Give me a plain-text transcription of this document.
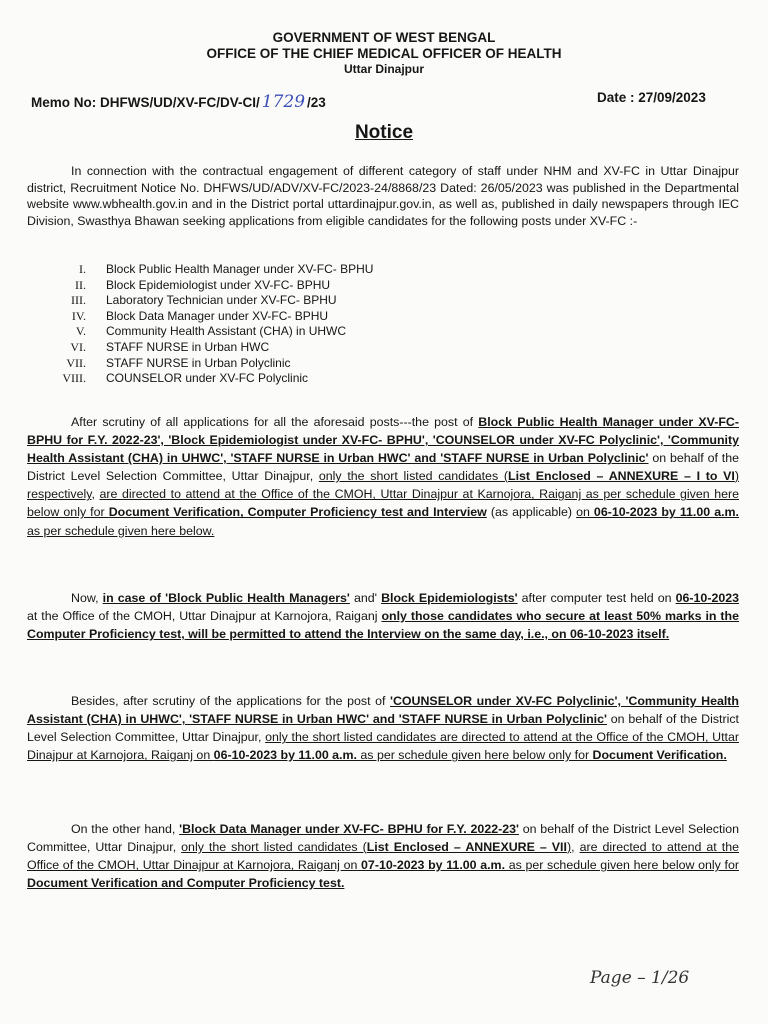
GOVERNMENT OF WEST BENGAL
OFFICE OF THE CHIEF MEDICAL OFFICER OF HEALTH
Uttar Dinajpur
Memo No: DHFWS/UD/XV-FC/DV-CI/ 1729 /23	Date : 27/09/2023
Notice
In connection with the contractual engagement of different category of staff under NHM and XV-FC in Uttar Dinajpur district, Recruitment Notice No. DHFWS/UD/ADV/XV-FC/2023-24/8868/23 Dated: 26/05/2023 was published in the Departmental website www.wbhealth.gov.in and in the District portal uttardinajpur.gov.in, as well as, published in daily newspapers through IEC Division, Swasthya Bhawan seeking applications from eligible candidates for the following posts under XV-FC :-
I. Block Public Health Manager under XV-FC- BPHU
II. Block Epidemiologist under XV-FC- BPHU
III. Laboratory Technician under XV-FC- BPHU
IV. Block Data Manager under XV-FC- BPHU
V. Community Health Assistant (CHA) in UHWC
VI. STAFF NURSE in Urban HWC
VII. STAFF NURSE in Urban Polyclinic
VIII. COUNSELOR under XV-FC Polyclinic
After scrutiny of all applications for all the aforesaid posts---the post of Block Public Health Manager under XV-FC- BPHU for F.Y. 2022-23', 'Block Epidemiologist under XV-FC- BPHU', 'COUNSELOR under XV-FC Polyclinic', 'Community Health Assistant (CHA) in UHWC', 'STAFF NURSE in Urban HWC' and 'STAFF NURSE in Urban Polyclinic' on behalf of the District Level Selection Committee, Uttar Dinajpur, only the short listed candidates (List Enclosed – ANNEXURE – I to VI) respectively, are directed to attend at the Office of the CMOH, Uttar Dinajpur at Karnojora, Raiganj as per schedule given here below only for Document Verification, Computer Proficiency test and Interview (as applicable) on 06-10-2023 by 11.00 a.m. as per schedule given here below.
Now, in case of 'Block Public Health Managers' and' Block Epidemiologists' after computer test held on 06-10-2023 at the Office of the CMOH, Uttar Dinajpur at Karnojora, Raiganj only those candidates who secure at least 50% marks in the Computer Proficiency test, will be permitted to attend the Interview on the same day, i.e., on 06-10-2023 itself.
Besides, after scrutiny of the applications for the post of 'COUNSELOR under XV-FC Polyclinic', 'Community Health Assistant (CHA) in UHWC', 'STAFF NURSE in Urban HWC' and 'STAFF NURSE in Urban Polyclinic' on behalf of the District Level Selection Committee, Uttar Dinajpur, only the short listed candidates are directed to attend at the Office of the CMOH, Uttar Dinajpur at Karnojora, Raiganj on 06-10-2023 by 11.00 a.m. as per schedule given here below only for Document Verification.
On the other hand, 'Block Data Manager under XV-FC- BPHU for F.Y. 2022-23' on behalf of the District Level Selection Committee, Uttar Dinajpur, only the short listed candidates (List Enclosed – ANNEXURE – VII), are directed to attend at the Office of the CMOH, Uttar Dinajpur at Karnojora, Raiganj on 07-10-2023 by 11.00 a.m. as per schedule given here below only for Document Verification and Computer Proficiency test.
Page – 1/26
